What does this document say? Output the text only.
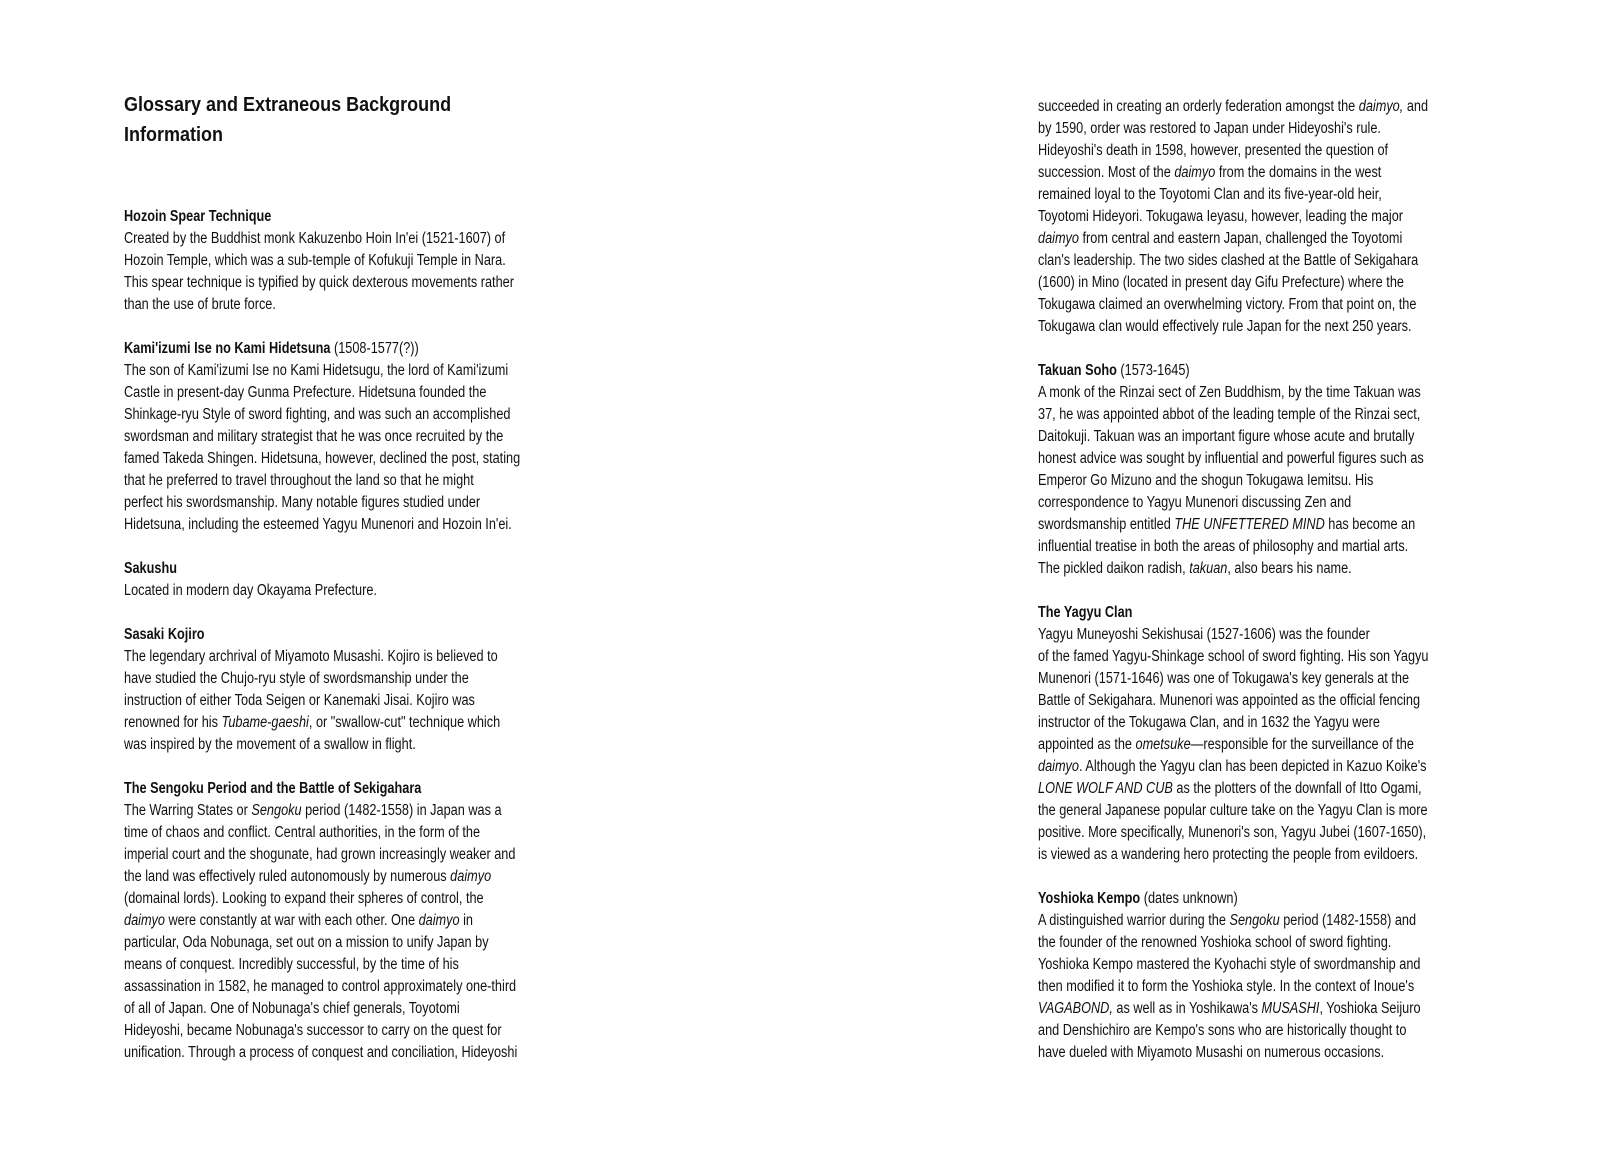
Glossary and Extraneous Background
Information
Hozoin Spear Technique
Created by the Buddhist monk Kakuzenbo Hoin In'ei (1521-1607) of
Hozoin Temple, which was a sub-temple of Kofukuji Temple in Nara.
This spear technique is typified by quick dexterous movements rather
than the use of brute force.
Kami'izumi Ise no Kami Hidetsuna (1508-1577(?))
The son of Kami'izumi Ise no Kami Hidetsugu, the lord of Kami'izumi
Castle in present-day Gunma Prefecture. Hidetsuna founded the
Shinkage-ryu Style of sword fighting, and was such an accomplished
swordsman and military strategist that he was once recruited by the
famed Takeda Shingen. Hidetsuna, however, declined the post, stating
that he preferred to travel throughout the land so that he might
perfect his swordsmanship. Many notable figures studied under
Hidetsuna, including the esteemed Yagyu Munenori and Hozoin In'ei.
Sakushu
Located in modern day Okayama Prefecture.
Sasaki Kojiro
The legendary archrival of Miyamoto Musashi. Kojiro is believed to
have studied the Chujo-ryu style of swordsmanship under the
instruction of either Toda Seigen or Kanemaki Jisai. Kojiro was
renowned for his Tubame-gaeshi, or "swallow-cut" technique which
was inspired by the movement of a swallow in flight.
The Sengoku Period and the Battle of Sekigahara
The Warring States or Sengoku period (1482-1558) in Japan was a
time of chaos and conflict. Central authorities, in the form of the
imperial court and the shogunate, had grown increasingly weaker and
the land was effectively ruled autonomously by numerous daimyo
(domainal lords). Looking to expand their spheres of control, the
daimyo were constantly at war with each other. One daimyo in
particular, Oda Nobunaga, set out on a mission to unify Japan by
means of conquest. Incredibly successful, by the time of his
assassination in 1582, he managed to control approximately one-third
of all of Japan. One of Nobunaga's chief generals, Toyotomi
Hideyoshi, became Nobunaga's successor to carry on the quest for
unification. Through a process of conquest and conciliation, Hideyoshi
succeeded in creating an orderly federation amongst the daimyo, and
by 1590, order was restored to Japan under Hideyoshi's rule.
Hideyoshi's death in 1598, however, presented the question of
succession. Most of the daimyo from the domains in the west
remained loyal to the Toyotomi Clan and its five-year-old heir,
Toyotomi Hideyori. Tokugawa Ieyasu, however, leading the major
daimyo from central and eastern Japan, challenged the Toyotomi
clan's leadership. The two sides clashed at the Battle of Sekigahara
(1600) in Mino (located in present day Gifu Prefecture) where the
Tokugawa claimed an overwhelming victory. From that point on, the
Tokugawa clan would effectively rule Japan for the next 250 years.
Takuan Soho (1573-1645)
A monk of the Rinzai sect of Zen Buddhism, by the time Takuan was
37, he was appointed abbot of the leading temple of the Rinzai sect,
Daitokuji. Takuan was an important figure whose acute and brutally
honest advice was sought by influential and powerful figures such as
Emperor Go Mizuno and the shogun Tokugawa Iemitsu. His
correspondence to Yagyu Munenori discussing Zen and
swordsmanship entitled THE UNFETTERED MIND has become an
influential treatise in both the areas of philosophy and martial arts.
The pickled daikon radish, takuan, also bears his name.
The Yagyu Clan
Yagyu Muneyoshi Sekishusai (1527-1606) was the founder
of the famed Yagyu-Shinkage school of sword fighting. His son Yagyu
Munenori (1571-1646) was one of Tokugawa's key generals at the
Battle of Sekigahara. Munenori was appointed as the official fencing
instructor of the Tokugawa Clan, and in 1632 the Yagyu were
appointed as the ometsuke—responsible for the surveillance of the
daimyo. Although the Yagyu clan has been depicted in Kazuo Koike's
LONE WOLF AND CUB as the plotters of the downfall of Itto Ogami,
the general Japanese popular culture take on the Yagyu Clan is more
positive. More specifically, Munenori's son, Yagyu Jubei (1607-1650),
is viewed as a wandering hero protecting the people from evildoers.
Yoshioka Kempo (dates unknown)
A distinguished warrior during the Sengoku period (1482-1558) and
the founder of the renowned Yoshioka school of sword fighting.
Yoshioka Kempo mastered the Kyohachi style of swordmanship and
then modified it to form the Yoshioka style. In the context of Inoue's
VAGABOND, as well as in Yoshikawa's MUSASHI, Yoshioka Seijuro
and Denshichiro are Kempo's sons who are historically thought to
have dueled with Miyamoto Musashi on numerous occasions.
